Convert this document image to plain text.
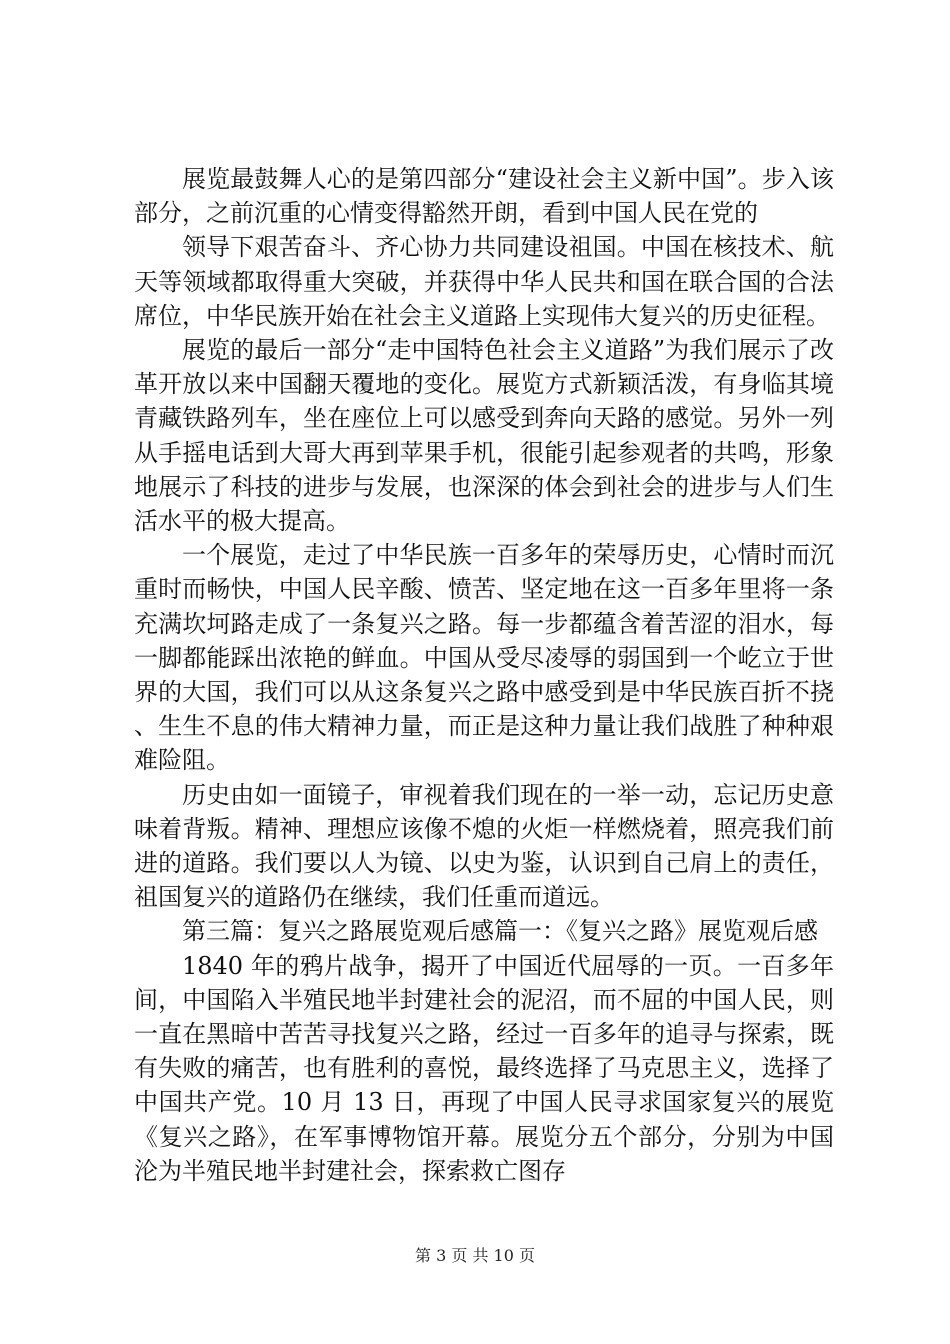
展览最鼓舞人心的是第四部分“建设社会主义新中国”。步入该部分，之前沉重的心情变得豁然开朗，看到中国人民在党的

领导下艰苦奋斗、齐心协力共同建设祖国。中国在核技术、航天等领域都取得重大突破，并获得中华人民共和国在联合国的合法席位，中华民族开始在社会主义道路上实现伟大复兴的历史征程。

展览的最后一部分“走中国特色社会主义道路”为我们展示了改革开放以来中国翻天覆地的变化。展览方式新颖活泼，有身临其境青藏铁路列车，坐在座位上可以感受到奔向天路的感觉。另外一列从手摇电话到大哥大再到苹果手机，很能引起参观者的共鸣，形象地展示了科技的进步与发展，也深深的体会到社会的进步与人们生活水平的极大提高。

一个展览，走过了中华民族一百多年的荣辱历史，心情时而沉重时而畅快，中国人民辛酸、愤苦、坚定地在这一百多年里将一条充满坎坷路走成了一条复兴之路。每一步都蕴含着苦涩的泪水，每一脚都能踩出浓艳的鲜血。中国从受尽凌辱的弱国到一个屹立于世界的大国，我们可以从这条复兴之路中感受到是中华民族百折不挠、生生不息的伟大精神力量，而正是这种力量让我们战胜了种种艰难险阻。

历史由如一面镜子，审视着我们现在的一举一动，忘记历史意味着背叛。精神、理想应该像不熄的火炬一样燃烧着，照亮我们前进的道路。我们要以人为镜、以史为鉴，认识到自己肩上的责任，祖国复兴的道路仍在继续，我们任重而道远。

第三篇：复兴之路展览观后感篇一：《复兴之路》展览观后感

1840 年的鸦片战争，揭开了中国近代屈辱的一页。一百多年间，中国陷入半殖民地半封建社会的泥沼，而不屈的中国人民，则一直在黑暗中苦苦寻找复兴之路，经过一百多年的追寻与探索，既有失败的痛苦，也有胜利的喜悦，最终选择了马克思主义，选择了中国共产党。10 月 13 日，再现了中国人民寻求国家复兴的展览《复兴之路》，在军事博物馆开幕。展览分五个部分，分别为中国沦为半殖民地半封建社会，探索救亡图存

第 3 页 共 10 页
